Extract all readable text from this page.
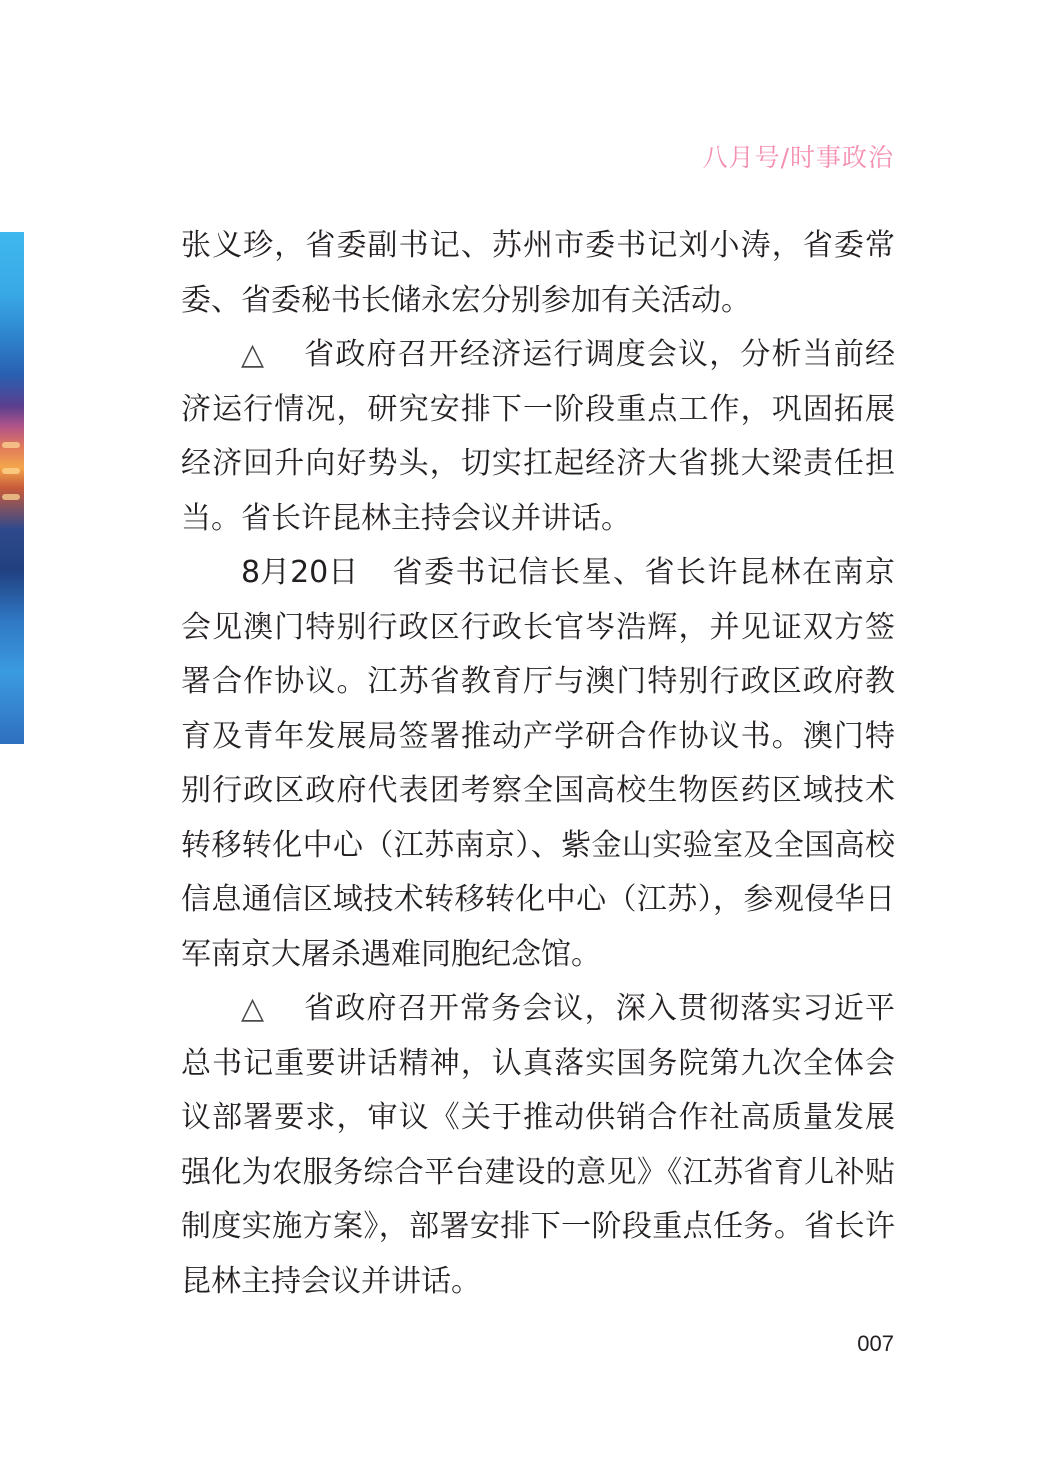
八月号/时事政治

张义珍，省委副书记、苏州市委书记刘小涛，省委常委、省委秘书长储永宏分别参加有关活动。

△ 省政府召开经济运行调度会议，分析当前经济运行情况，研究安排下一阶段重点工作，巩固拓展经济回升向好势头，切实扛起经济大省挑大梁责任担当。省长许昆林主持会议并讲话。

8月20日 省委书记信长星、省长许昆林在南京会见澳门特别行政区行政长官岑浩辉，并见证双方签署合作协议。江苏省教育厅与澳门特别行政区政府教育及青年发展局签署推动产学研合作协议书。澳门特别行政区政府代表团考察全国高校生物医药区域技术转移转化中心（江苏南京）、紫金山实验室及全国高校信息通信区域技术转移转化中心（江苏），参观侵华日军南京大屠杀遇难同胞纪念馆。

△ 省政府召开常务会议，深入贯彻落实习近平总书记重要讲话精神，认真落实国务院第九次全体会议部署要求，审议《关于推动供销合作社高质量发展强化为农服务综合平台建设的意见》《江苏省育儿补贴制度实施方案》，部署安排下一阶段重点任务。省长许昆林主持会议并讲话。

007
